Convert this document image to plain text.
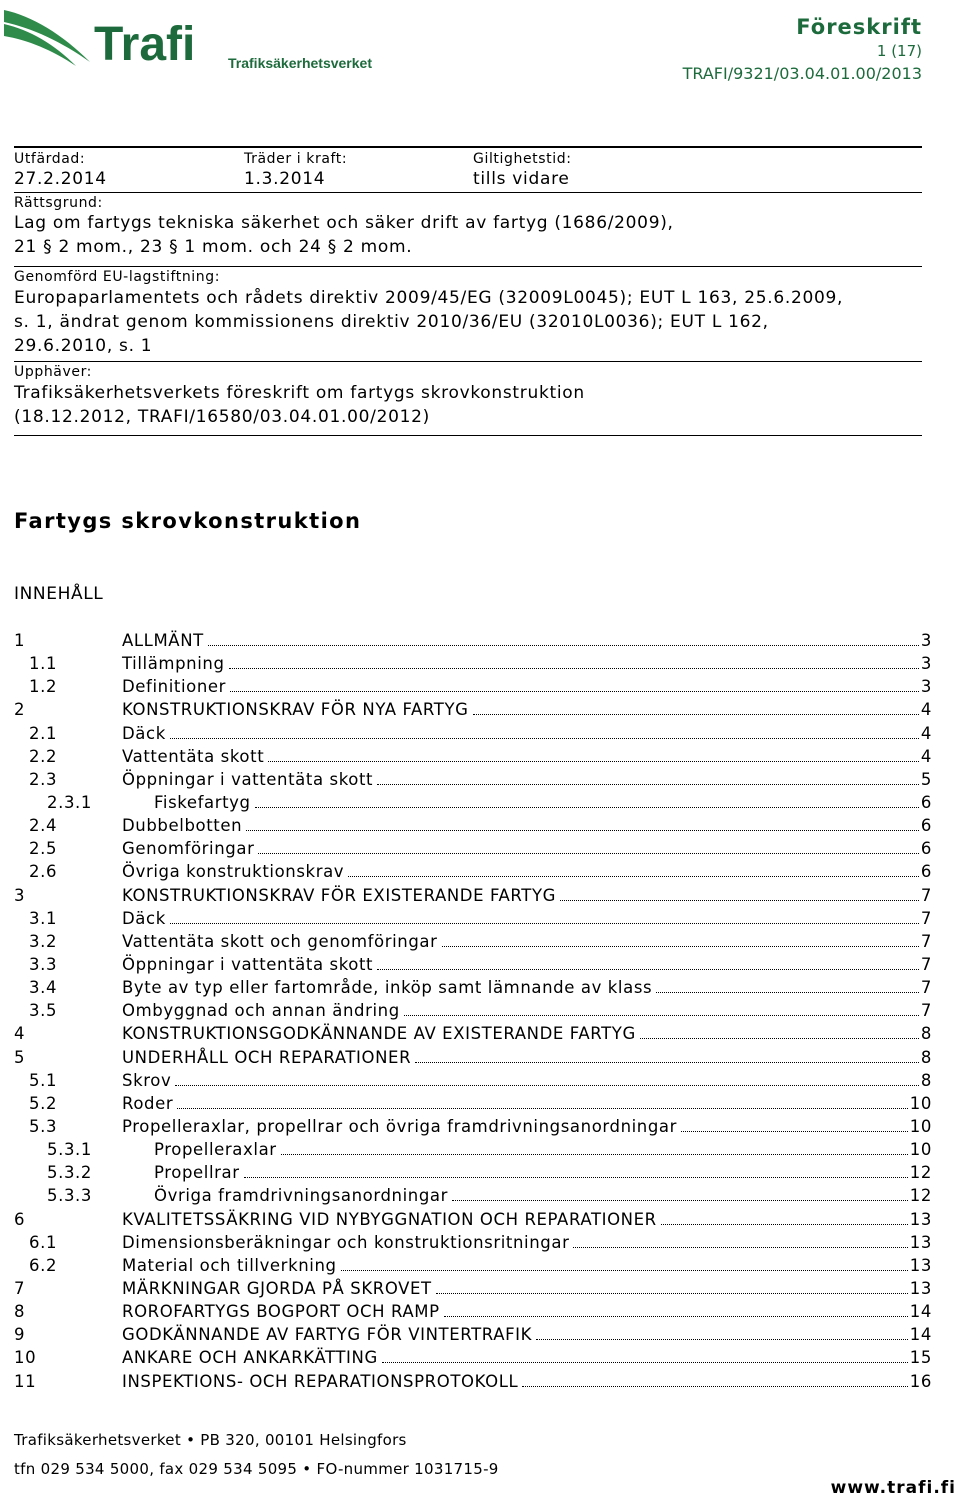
Trafi Trafiksäkerhetsverket
Föreskrift
1 (17)
TRAFI/9321/03.04.01.00/2013
Utfärdad:
27.2.2014
Träder i kraft:
1.3.2014
Giltighetstid:
tills vidare
Rättsgrund:
Lag om fartygs tekniska säkerhet och säker drift av fartyg (1686/2009),
21 § 2 mom., 23 § 1 mom. och 24 § 2 mom.
Genomförd EU-lagstiftning:
Europaparlamentets och rådets direktiv 2009/45/EG (32009L0045); EUT L 163, 25.6.2009,
s. 1, ändrat genom kommissionens direktiv 2010/36/EU (32010L0036); EUT L 162,
29.6.2010, s. 1
Upphäver:
Trafiksäkerhetsverkets föreskrift om fartygs skrovkonstruktion
(18.12.2012, TRAFI/16580/03.04.01.00/2012)
Fartygs skrovkonstruktion
INNEHÅLL
1	ALLMÄNT	3
1.1	Tillämpning	3
1.2	Definitioner	3
2	KONSTRUKTIONSKRAV FÖR NYA FARTYG	4
2.1	Däck	4
2.2	Vattentäta skott	4
2.3	Öppningar i vattentäta skott	5
2.3.1	Fiskefartyg	6
2.4	Dubbelbotten	6
2.5	Genomföringar	6
2.6	Övriga konstruktionskrav	6
3	KONSTRUKTIONSKRAV FÖR EXISTERANDE FARTYG	7
3.1	Däck	7
3.2	Vattentäta skott och genomföringar	7
3.3	Öppningar i vattentäta skott	7
3.4	Byte av typ eller fartområde, inköp samt lämnande av klass	7
3.5	Ombyggnad och annan ändring	7
4	KONSTRUKTIONSGODKÄNNANDE AV EXISTERANDE FARTYG	8
5	UNDERHÅLL OCH REPARATIONER	8
5.1	Skrov	8
5.2	Roder	10
5.3	Propelleraxlar, propellrar och övriga framdrivningsanordningar	10
5.3.1	Propelleraxlar	10
5.3.2	Propellrar	12
5.3.3	Övriga framdrivningsanordningar	12
6	KVALITETSSÄKRING VID NYBYGGNATION OCH REPARATIONER	13
6.1	Dimensionsberäkningar och konstruktionsritningar	13
6.2	Material och tillverkning	13
7	MÄRKNINGAR GJORDA PÅ SKROVET	13
8	ROROFARTYGS BOGPORT OCH RAMP	14
9	GODKÄNNANDE AV FARTYG FÖR VINTERTRAFIK	14
10	ANKARE OCH ANKARKÄTTING	15
11	INSPEKTIONS- OCH REPARATIONSPROTOKOLL	16
Trafiksäkerhetsverket • PB 320, 00101 Helsingfors
tfn 029 534 5000, fax 029 534 5095 • FO-nummer 1031715-9
www.trafi.fi
